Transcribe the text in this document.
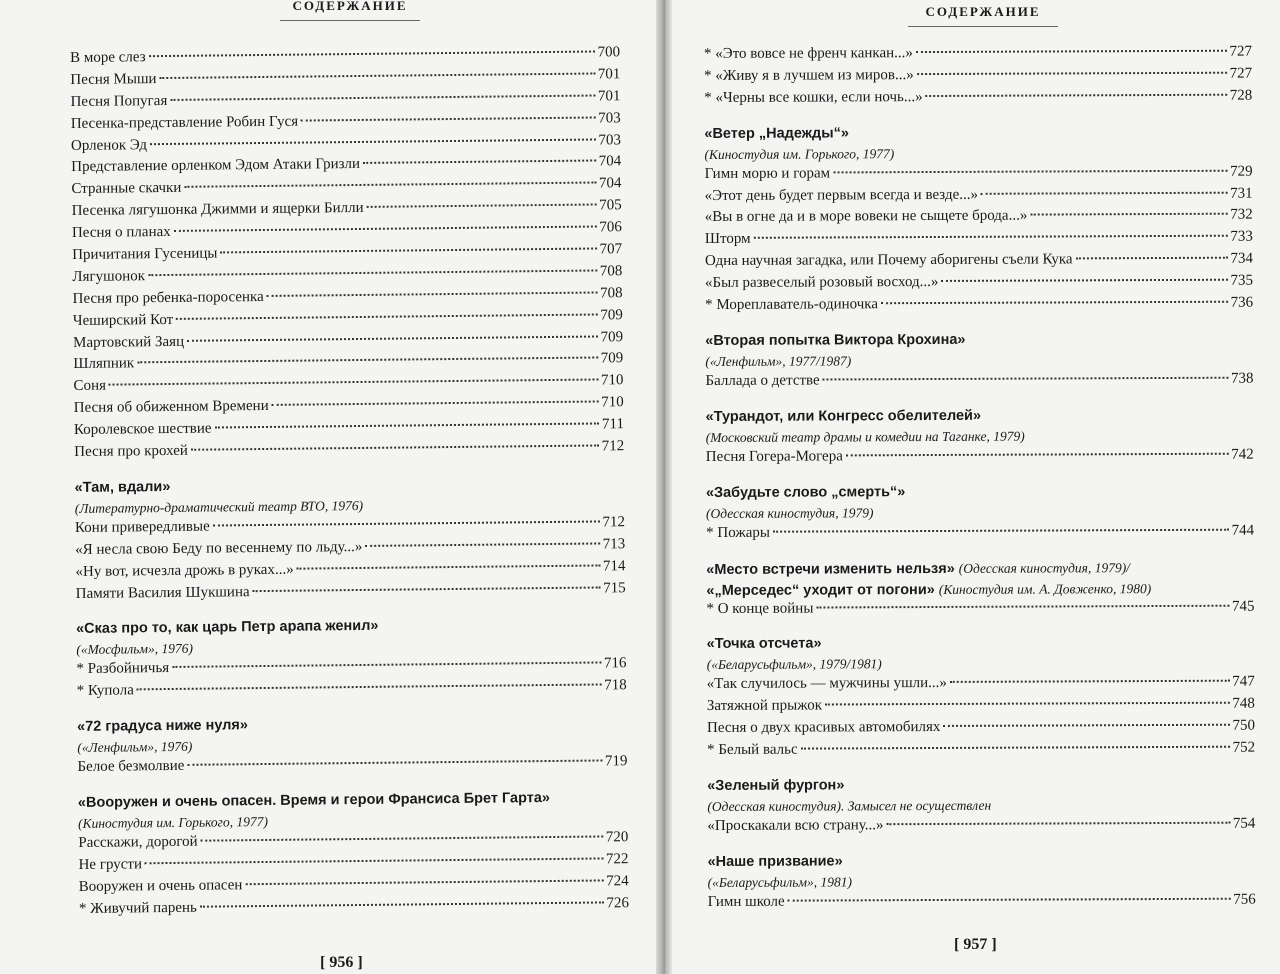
СОДЕРЖАНИЕ
В море слез	700
Песня Мыши	701
Песня Попугая	701
Песенка-представление Робин Гуся	703
Орленок Эд	703
Представление орленком Эдом Атаки Гризли	704
Странные скачки	704
Песенка лягушонка Джимми и ящерки Билли	705
Песня о планах	706
Причитания Гусеницы	707
Лягушонок	708
Песня про ребенка-поросенка	708
Чеширский Кот	709
Мартовский Заяц	709
Шляпник	709
Соня	710
Песня об обиженном Времени	710
Королевское шествие	711
Песня про крохей	712
«Там, вдали»
(Литературно-драматический театр ВТО, 1976)
Кони привередливые	712
«Я несла свою Беду по весеннему по льду...»	713
«Ну вот, исчезла дрожь в руках...»	714
Памяти Василия Шукшина	715
«Сказ про то, как царь Петр арапа женил»
(«Мосфильм», 1976)
* Разбойничья	716
* Купола	718
«72 градуса ниже нуля»
(«Ленфильм», 1976)
Белое безмолвие	719
«Вооружен и очень опасен. Время и герои Франсиса Брет Гарта»
(Киностудия им. Горького, 1977)
Расскажи, дорогой	720
Не грусти	722
Вооружен и очень опасен	724
* Живучий парень	726
[ 956 ]
СОДЕРЖАНИЕ
* «Это вовсе не френч канкан...»	727
* «Живу я в лучшем из миров...»	727
* «Черны все кошки, если ночь...»	728
«Ветер „Надежды“»
(Киностудия им. Горького, 1977)
Гимн морю и горам	729
«Этот день будет первым всегда и везде...»	731
«Вы в огне да и в море вовеки не сыщете брода...»	732
Шторм	733
Одна научная загадка, или Почему аборигены съели Кука	734
«Был развеселый розовый восход...»	735
* Мореплаватель-одиночка	736
«Вторая попытка Виктора Крохина»
(«Ленфильм», 1977/1987)
Баллада о детстве	738
«Турандот, или Конгресс обелителей»
(Московский театр драмы и комедии на Таганке, 1979)
Песня Гогера-Могера	742
«Забудьте слово „смерть“»
(Одесская киностудия, 1979)
* Пожары	744
«Место встречи изменить нельзя» (Одесская киностудия, 1979)/
«„Мерседес“ уходит от погони» (Киностудия им. А. Довженко, 1980)
* О конце войны	745
«Точка отсчета»
(«Беларусьфильм», 1979/1981)
«Так случилось — мужчины ушли...»	747
Затяжной прыжок	748
Песня о двух красивых автомобилях	750
* Белый вальс	752
«Зеленый фургон»
(Одесская киностудия). Замысел не осуществлен
«Проскакали всю страну...»	754
«Наше призвание»
(«Беларусьфильм», 1981)
Гимн школе	756
[ 957 ]
